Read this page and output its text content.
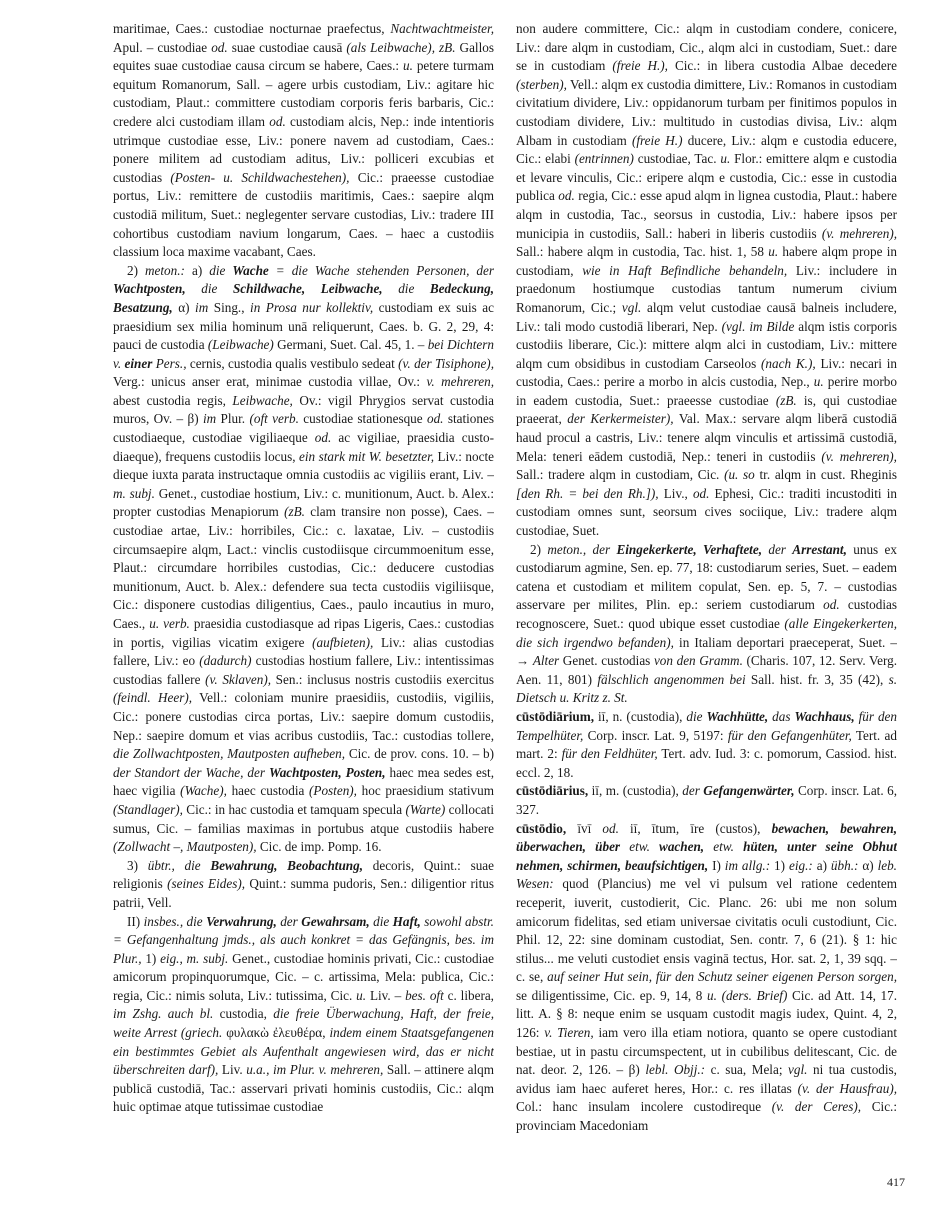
maritimae, Caes.: custodiae nocturnae praefectus, Nachtwachtmeister, Apul. – custodiae od. suae custodiae causā (als Leibwache), zB. Gallos equites suae custodiae causa circum se habere, Caes.: u. petere turmam equitum Romanorum, Sall. – agere urbis custodiam, Liv.: agitare hic custodiam, Plaut.: committere custodiam corporis feris barbaris, Cic.: credere alci custodiam illam od. custodiam alcis, Nep.: inde intentioris utrimque custodiae esse, Liv.: ponere navem ad custodiam, Caes.: ponere militem ad custodiam aditus, Liv.: polliceri excubias et custodias (Posten- u. Schildwachestehen), Cic.: praeesse custodiae portus, Liv.: remittere de custodiis maritimis, Caes.: saepire alqm custodiā militum, Suet.: neglegenter servare custodias, Liv.: tradere III cohortibus custodiam navium longarum, Caes. – haec a custodiis classium loca maxime vacabant, Caes.

2) meton.: a) die Wache = die Wache stehenden Personen, der Wachtposten, die Schildwache, Leibwache, die Bedeckung, Besatzung, α) im Sing., in Prosa nur kollektiv, custodiam ex suis ac praesidium sex milia hominum unā reliquerunt, Caes. b. G. 2, 29, 4: pauci de custodia (Leibwache) Germani, Suet. Cal. 45, 1. – bei Dichtern v. einer Pers., cernis, custodia qualis vestibulo sedeat (v. der Tisiphone), Verg.: unicus anser erat, minimae custodia villae, Ov.: v. mehreren, abest custodia regis, Leibwache, Ov.: vigil Phrygios servat custodia muros, Ov. – β) im Plur. (oft verb. custodiae stationesque od. stationes custodiaeque, custodiae vigiliaeque od. ac vigiliae, praesidia custodiaeque), frequens custodiis locus, ein stark mit W. besetzter, Liv.: nocte dieque iuxta parata instructaque omnia custodiis ac vigiliis erant, Liv. – m. subj. Genet., custodiae hostium, Liv.: c. munitionum, Auct. b. Alex.: propter custodias Menapiorum (zB. clam transire non posse), Caes. – custodiae artae, Liv.: horribiles, Cic.: c. laxatae, Liv. – custodiis circumsaepire alqm, Lact.: vinclis custodiisque circummoenitum esse, Plaut.: circumdare horribiles custodias, Cic.: deducere custodias munitionum, Auct. b. Alex.: defendere sua tecta custodiis vigiliisque, Cic.: disponere custodias diligentius, Caes., paulo incautius in muro, Caes., u. verb. praesidia custodiasque ad ripas Ligeris, Caes.: custodias in portis, vigilias vicatim exigere (aufbieten), Liv.: alias custodias fallere, Liv.: eo (dadurch) custodias hostium fallere, Liv.: intentissimas custodias fallere (v. Sklaven), Sen.: inclusus nostris custodiis exercitus (feindl. Heer), Vell.: coloniam munire praesidiis, custodiis, vigiliis, Cic.: ponere custodias circa portas, Liv.: saepire domum custodiis, Nep.: saepire domum et vias acribus custodiis, Tac.: custodias tollere, die Zollwachtposten, Mautposten aufheben, Cic. de prov. cons. 10. – b) der Standort der Wache, der Wachtposten, Posten, haec mea sedes est, haec vigilia (Wache), haec custodia (Posten), hoc praesidium stativum (Standlager), Cic.: in hac custodia et tamquam specula (Warte) collocati sumus, Cic. – familias maximas in portubus atque custodiis habere (Zollwacht –, Mautposten), Cic. de imp. Pomp. 16.

3) übtr., die Bewahrung, Beobachtung, decoris, Quint.: suae religionis (seines Eides), Quint.: summa pudoris, Sen.: diligentior ritus patrii, Vell.

II) insbes., die Verwahrung, der Gewahrsam, die Haft, sowohl abstr. = Gefangenhaltung jmds., als auch konkret = das Gefängnis, bes. im Plur., 1) eig., m. subj. Genet., custodiae hominis privati, Cic.: custodiae amicorum propinquorumque, Cic. – c. artissima, Mela: publica, Cic.: regia, Cic.: nimis soluta, Liv.: tutissima, Cic. u. Liv. – bes. oft c. libera, im Zshg. auch bl. custodia, die freie Überwachung, Haft, der freie, weite Arrest (griech. φυλακὼ ἐλευθέρα, indem einem Staatsgefangenen ein bestimmtes Gebiet als Aufenthalt angewiesen wird, das er nicht überschreiten darf), Liv. u.a., im Plur. v. mehreren, Sall. – attinere alqm publicā custodiā, Tac.: asservari privati hominis custodiis, Cic.: alqm huic optimae atque tutissimae custodiae

non audere committere, Cic.: alqm in custodiam condere, conicere, Liv.: dare alqm in custodiam, Cic., alqm alci in custodiam, Suet.: dare se in custodiam (freie H.), Cic.: in libera custodia Albae decedere (sterben), Vell.: alqm ex custodia dimittere, Liv.: Romanos in custodiam civitatium dividere, Liv.: oppidanorum turbam per finitimos populos in custodiam dividere, Liv.: multitudo in custodias divisa, Liv.: alqm Albam in custodiam (freie H.) ducere, Liv.: alqm e custodia educere, Cic.: elabi (entrinnen) custodiae, Tac. u. Flor.: emittere alqm e custodia et levare vinculis, Cic.: eripere alqm e custodia, Cic.: esse in custodia publica od. regia, Cic.: esse apud alqm in lignea custodia, Plaut.: habere alqm in custodia, Tac., seorsus in custodia, Liv.: habere ipsos per municipia in custodiis, Sall.: haberi in liberis custodiis (v. mehreren), Sall.: habere alqm in custodia, Tac. hist. 1, 58 u. habere alqm prope in custodiam, wie in Haft Befindliche behandeln, Liv.: includere in praedonum hostiumque custodias tantum numerum civium Romanorum, Cic.; vgl. alqm velut custodiae causā balneis includere, Liv.: tali modo custodiā liberari, Nep. (vgl. im Bilde alqm istis corporis custodiis liberare, Cic.): mittere alqm alci in custodiam, Liv.: mittere alqm cum obsidibus in custodiam Carseolos (nach K.), Liv.: necari in custodia, Caes.: perire a morbo in alcis custodia, Nep., u. perire morbo in eadem custodia, Suet.: praeesse custodiae (zB. is, qui custodiae praeerat, der Kerkermeister), Val. Max.: servare alqm liberā custodiā haud procul a castris, Liv.: tenere alqm vinculis et artissimā custodiā, Mela: teneri eādem custodiā, Nep.: teneri in custodiis (v. mehreren), Sall.: tradere alqm in custodiam, Cic. (u. so tr. alqm in cust. Rheginis [den Rh. = bei den Rh.]), Liv., od. Ephesi, Cic.: traditi incustoditi in custodiam omnes sunt, seorsum cives sociique, Liv.: tradere alqm custodiae, Suet.

2) meton., der Eingekerkerte, Verhaftete, der Arrestant, unus ex custodiarum agmine, Sen. ep. 77, 18: custodiarum series, Suet. – eadem catena et custodiam et militem copulat, Sen. ep. 5, 7. – custodias asservare per milites, Plin. ep.: seriem custodiarum od. custodias recognoscere, Suet.: quod ubique esset custodiae (alle Eingekerkerten, die sich irgendwo befanden), in Italiam deportari praeceperat, Suet. – → Alter Genet. custodias von den Gramm. (Charis. 107, 12. Serv. Verg. Aen. 11, 801) fälschlich angenommen bei Sall. hist. fr. 3, 35 (42), s. Dietsch u. Kritz z. St.

cūstōdiārium, iī, n. (custodia), die Wachhütte, das Wachhaus, für den Tempelhüter, Corp. inscr. Lat. 9, 5197: für den Gefangenhüter, Tert. ad mart. 2: für den Feldhüter, Tert. adv. Iud. 3: c. pomorum, Cassiod. hist. eccl. 2, 18.

cūstōdiārius, iī, m. (custodia), der Gefangenwärter, Corp. inscr. Lat. 6, 327.

cūstōdio, īvī od. iī, ītum, īre (custos), bewachen, bewahren, überwachen, über etw. wachen, etw. hüten, unter seine Obhut nehmen, schirmen, beaufsichtigen, I) im allg.: 1) eig.: a) übh.: α) leb. Wesen: quod (Plancius) me vel vi pulsum vel ratione cedentem receperit, iuverit, custodierit, Cic. Planc. 26: ubi me non solum amicorum fidelitas, sed etiam universae civitatis oculi custodiunt, Cic. Phil. 12, 22: sine dominam custodiat, Sen. contr. 7, 6 (21). § 1: hic stilus... me veluti custodiet ensis vaginā tectus, Hor. sat. 2, 1, 39 sqq. – c. se, auf seiner Hut sein, für den Schutz seiner eigenen Person sorgen, se diligentissime, Cic. ep. 9, 14, 8 u. (ders. Brief) Cic. ad Att. 14, 17. litt. A. § 8: neque enim se usquam custodit magis iudex, Quint. 4, 2, 126: v. Tieren, iam vero illa etiam notiora, quanto se opere custodiant bestiae, ut in pastu circumspectent, ut in cubilibus delitescant, Cic. de nat. deor. 2, 126. – β) lebl. Objj.: c. sua, Mela; vgl. ni tua custodis, avidus iam haec auferet heres, Hor.: c. res illatas (v. der Hausfrau), Col.: hanc insulam incolere custodireque (v. der Ceres), Cic.: provinciam Macedoniam

417
